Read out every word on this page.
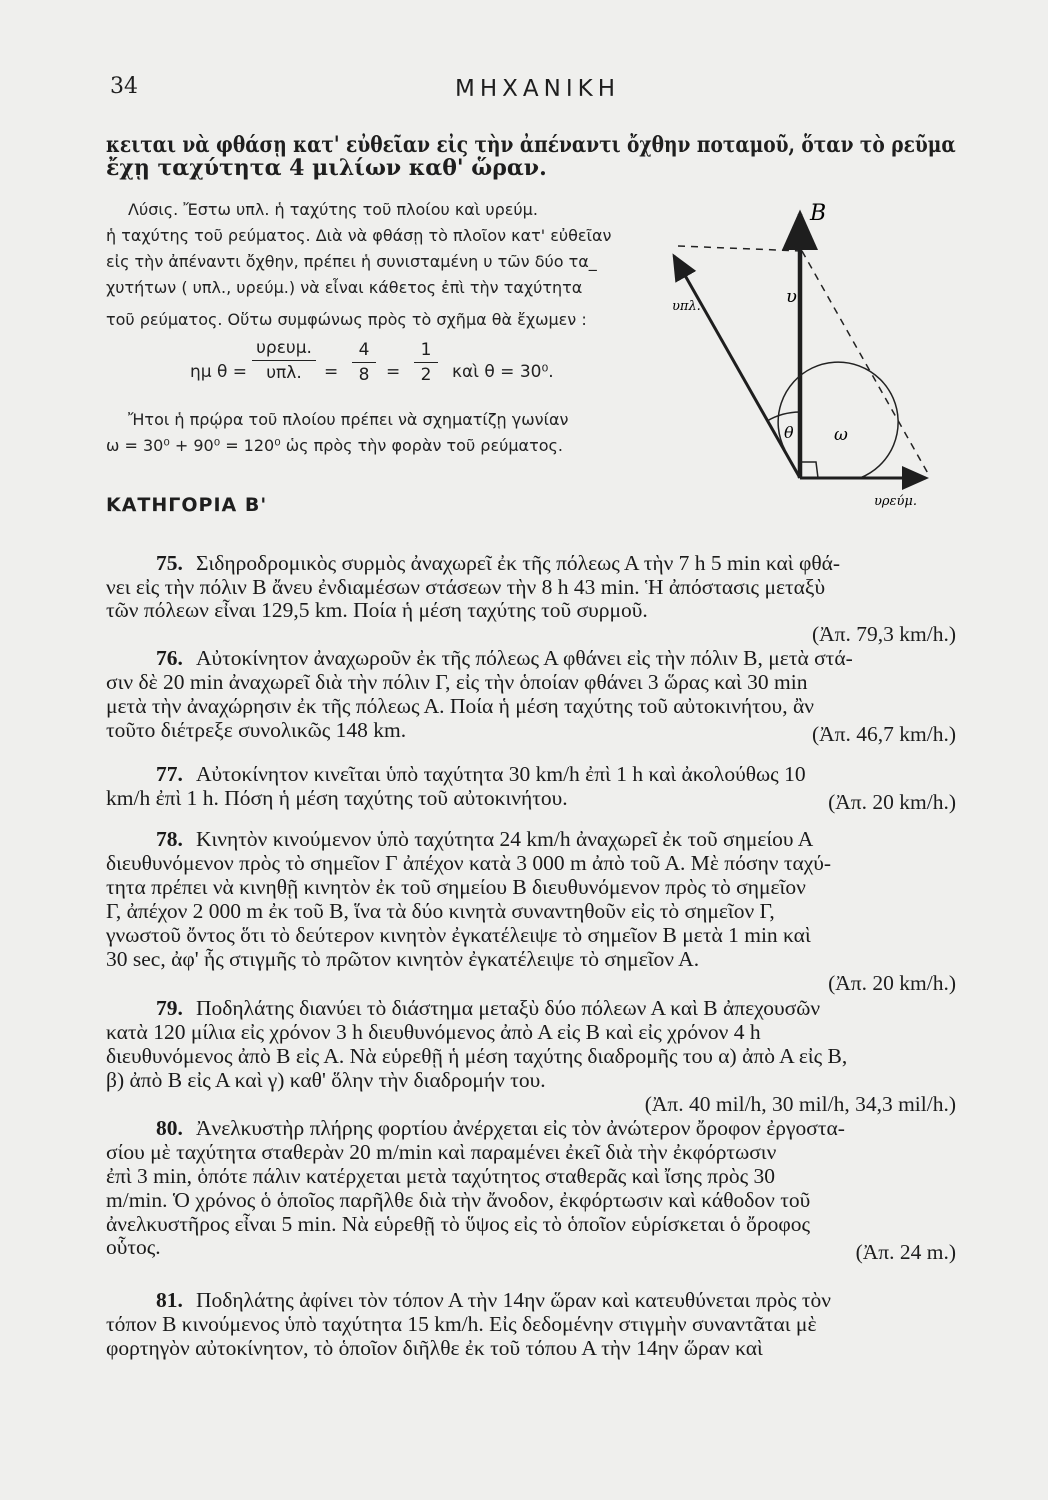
34	ΜΗΧΑΝΙΚΗ
κειται νὰ φθάσῃ κατ' εὐθεῖαν εἰς τὴν ἀπέναντι ὄχθην ποταμοῦ, ὅταν τὸ ρεῦμα
ἔχῃ ταχύτητα 4 μιλίων καθ' ὥραν.
Λύσις. Ἔστω υπλ. ἡ ταχύτης τοῦ πλοίου καὶ υρεύμ.
ἡ ταχύτης τοῦ ρεύματος. Διὰ νὰ φθάσῃ τὸ πλοῖον κατ' εὐθεῖαν
εἰς τὴν ἀπέναντι ὄχθην, πρέπει ἡ συνισταμένη υ τῶν δύο τα_
χυτήτων ( υπλ., υρεύμ.) νὰ εἶναι κάθετος ἐπὶ τὴν ταχύτητα
τοῦ ρεύματος. Οὕτω συμφώνως πρὸς τὸ σχῆμα θὰ ἔχωμεν :
ημ θ =
υρευμ.
υπλ.	=
4
8 =
1
2	καὶ θ = 30⁰.
Ἤτοι ἡ πρῴρα τοῦ πλοίου πρέπει νὰ σχηματίζῃ γωνίαν
ω = 30⁰ + 90⁰ = 120⁰ ὡς πρὸς τὴν φορὰν τοῦ ρεύματος.
B
υ
υπλ.
θ ω
υρεύμ.
ΚΑΤΗΓΟΡΙΑ Β'
75. Σιδηροδρομικὸς συρμὸς ἀναχωρεῖ ἐκ τῆς πόλεως Α τὴν 7 h 5 min καὶ φθά-
νει εἰς τὴν πόλιν Β ἄνευ ἐνδιαμέσων στάσεων τὴν 8 h 43 min. Ἡ ἀπόστασις μεταξὺ
τῶν πόλεων εἶναι 129,5 km. Ποία ἡ μέση ταχύτης τοῦ συρμοῦ.
(Ἀπ. 79,3 km/h.)
76. Αὐτοκίνητον ἀναχωροῦν ἐκ τῆς πόλεως Α φθάνει εἰς τὴν πόλιν Β, μετὰ στά-
σιν δὲ 20 min ἀναχωρεῖ διὰ τὴν πόλιν Γ, εἰς τὴν ὁποίαν φθάνει 3 ὥρας καὶ 30 min
μετὰ τὴν ἀναχώρησιν ἐκ τῆς πόλεως Α. Ποία ἡ μέση ταχύτης τοῦ αὐτοκινήτου, ἂν
τοῦτο διέτρεξε συνολικῶς 148 km.	(Ἀπ. 46,7 km/h.)
77. Αὐτοκίνητον κινεῖται ὑπὸ ταχύτητα 30 km/h ἐπὶ 1 h καὶ ἀκολούθως 10
km/h ἐπὶ 1 h. Πόση ἡ μέση ταχύτης τοῦ αὐτοκινήτου.	(Ἀπ. 20 km/h.)
78. Κινητὸν κινούμενον ὑπὸ ταχύτητα 24 km/h ἀναχωρεῖ ἐκ τοῦ σημείου Α
διευθυνόμενον πρὸς τὸ σημεῖον Γ ἀπέχον κατὰ 3 000 m ἀπὸ τοῦ Α. Μὲ πόσην ταχύ-
τητα πρέπει νὰ κινηθῇ κινητὸν ἐκ τοῦ σημείου Β διευθυνόμενον πρὸς τὸ σημεῖον
Γ, ἀπέχον 2 000 m ἐκ τοῦ Β, ἵνα τὰ δύο κινητὰ συναντηθοῦν εἰς τὸ σημεῖον Γ,
γνωστοῦ ὄντος ὅτι τὸ δεύτερον κινητὸν ἐγκατέλειψε τὸ σημεῖον Β μετὰ 1 min καὶ
30 sec, ἀφ' ἧς στιγμῆς τὸ πρῶτον κινητὸν ἐγκατέλειψε τὸ σημεῖον Α.
(Ἀπ. 20 km/h.)
79. Ποδηλάτης διανύει τὸ διάστημα μεταξὺ δύο πόλεων Α καὶ Β ἀπεχουσῶν
κατὰ 120 μίλια εἰς χρόνον 3 h διευθυνόμενος ἀπὸ Α εἰς Β καὶ εἰς χρόνον 4 h
διευθυνόμενος ἀπὸ Β εἰς Α. Νὰ εὑρεθῇ ἡ μέση ταχύτης διαδρομῆς του α) ἀπὸ Α εἰς Β,
β) ἀπὸ Β εἰς Α καὶ γ) καθ' ὅλην τὴν διαδρομήν του.
(Ἀπ. 40 mil/h, 30 mil/h, 34,3 mil/h.)
80. Ἀνελκυστὴρ πλήρης φορτίου ἀνέρχεται εἰς τὸν ἀνώτερον ὄροφον ἐργοστα-
σίου μὲ ταχύτητα σταθερὰν 20 m/min καὶ παραμένει ἐκεῖ διὰ τὴν ἐκφόρτωσιν
ἐπὶ 3 min, ὁπότε πάλιν κατέρχεται μετὰ ταχύτητος σταθερᾶς καὶ ἴσης πρὸς 30
m/min. Ὁ χρόνος ὁ ὁποῖος παρῆλθε διὰ τὴν ἄνοδον, ἐκφόρτωσιν καὶ κάθοδον τοῦ
ἀνελκυστῆρος εἶναι 5 min. Νὰ εὑρεθῇ τὸ ὕψος εἰς τὸ ὁποῖον εὑρίσκεται ὁ ὄροφος
οὗτος.	(Ἀπ. 24 m.)
81. Ποδηλάτης ἀφίνει τὸν τόπον Α τὴν 14ην ὥραν καὶ κατευθύνεται πρὸς τὸν
τόπον Β κινούμενος ὑπὸ ταχύτητα 15 km/h. Εἰς δεδομένην στιγμὴν συναντᾶται μὲ
φορτηγὸν αὐτοκίνητον, τὸ ὁποῖον διῆλθε ἐκ τοῦ τόπου Α τὴν 14ην ὥραν καὶ
